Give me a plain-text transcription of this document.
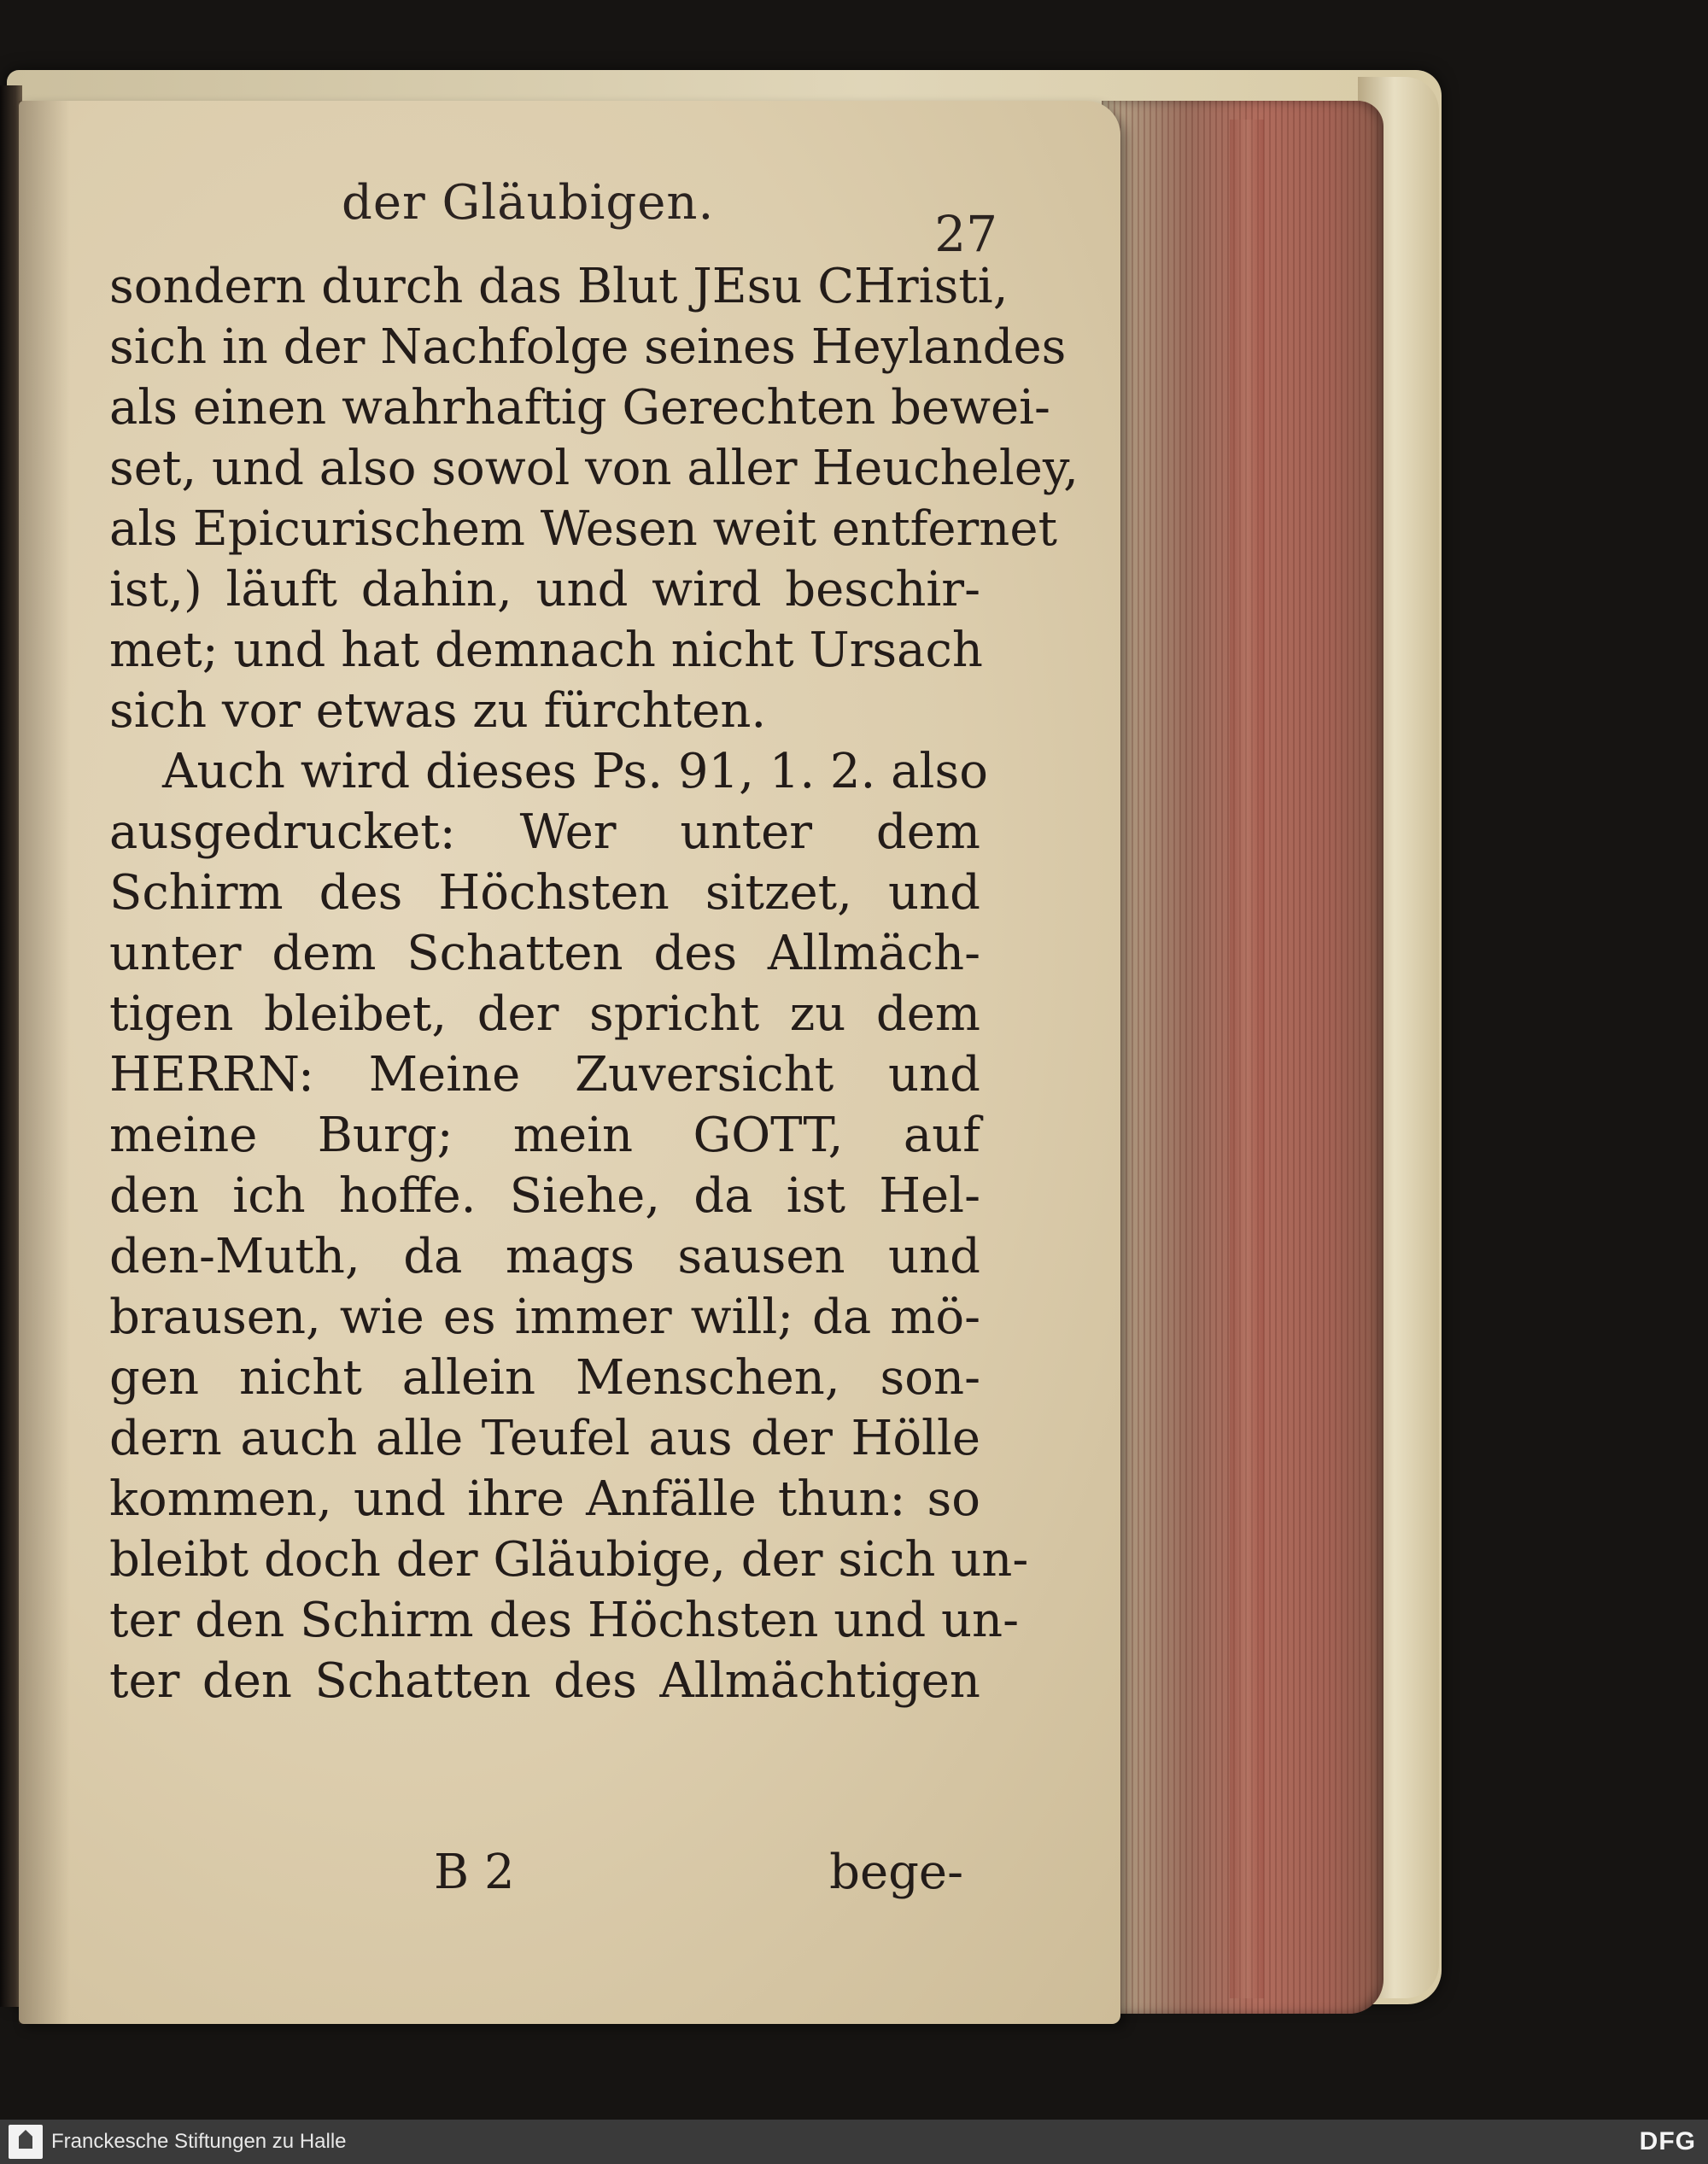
der Gläubigen.
27
sondern durch das Blut JEsu CHristi,
sich in der Nachfolge seines Heylandes
als einen wahrhaftig Gerechten bewei-
set, und also sowol von aller Heucheley,
als Epicurischem Wesen weit entfernet
ist,) läuft dahin, und wird beschir-
met; und hat demnach nicht Ursach
sich vor etwas zu fürchten.
Auch wird dieses Ps. 91, 1. 2. also
ausgedrucket: Wer unter dem
Schirm des Höchsten sitzet, und
unter dem Schatten des Allmäch-
tigen bleibet, der spricht zu dem
HERRN: Meine Zuversicht und
meine Burg; mein GOTT, auf
den ich hoffe. Siehe, da ist Hel-
den-Muth, da mags sausen und
brausen, wie es immer will; da mö-
gen nicht allein Menschen, son-
dern auch alle Teufel aus der Hölle
kommen, und ihre Anfälle thun: so
bleibt doch der Gläubige, der sich un-
ter den Schirm des Höchsten und un-
ter den Schatten des Allmächtigen
B 2	bege-
Franckesche Stiftungen zu Halle	DFG
